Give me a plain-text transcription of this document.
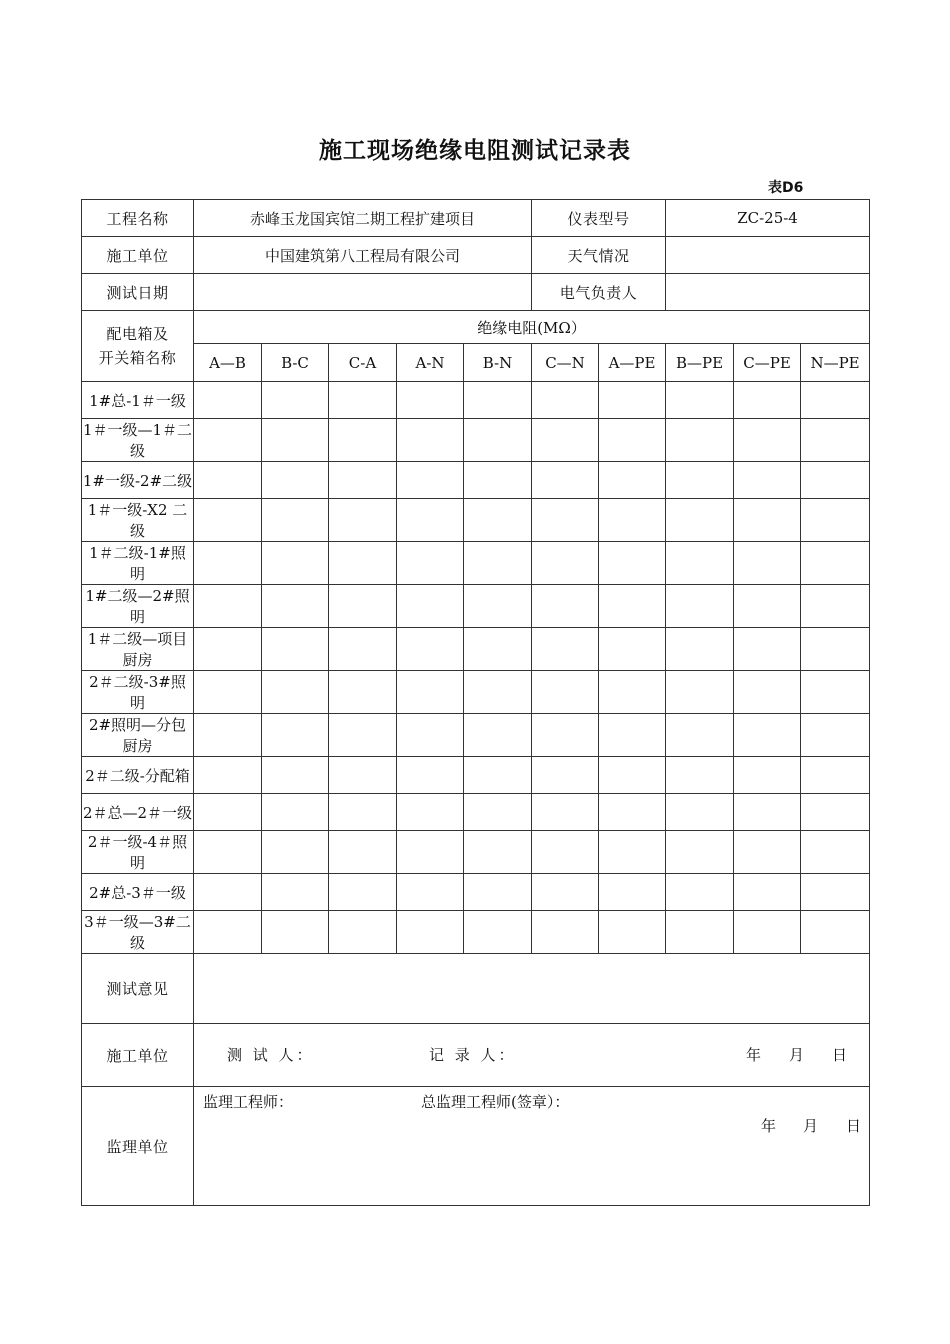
施工现场绝缘电阻测试记录表
表D6
工程名称	赤峰玉龙国宾馆二期工程扩建项目					仪表型号		ZC-25-4		
施工单位	中国建筑第八工程局有限公司					天气情况				
测试日期						电气负责人				

配电箱及
开关箱名称	绝缘电阻(MΩ）									
	A—B	B-C	C-A	A-N	B-N	C—N	A—PE	B—PE	C—PE	N—PE
1#总-1＃一级										
1＃一级—1＃二级										
1#一级-2#二级										
1＃一级-X2 二级										
1＃二级-1#照明										
1#二级—2#照明										
1＃二级—项目厨房										
2＃二级-3#照明										
2#照明—分包厨房										
2＃二级-分配箱										
2＃总—2＃一级										
2＃一级-4＃照明										
2#总-3＃一级										
3＃一级—3#二级										
测试意见										
施工单位	测 试 人： 记 录 人： 年 月 日									

监理单位	监理工程师： 总监理工程师(签章）：
年 月 日									
